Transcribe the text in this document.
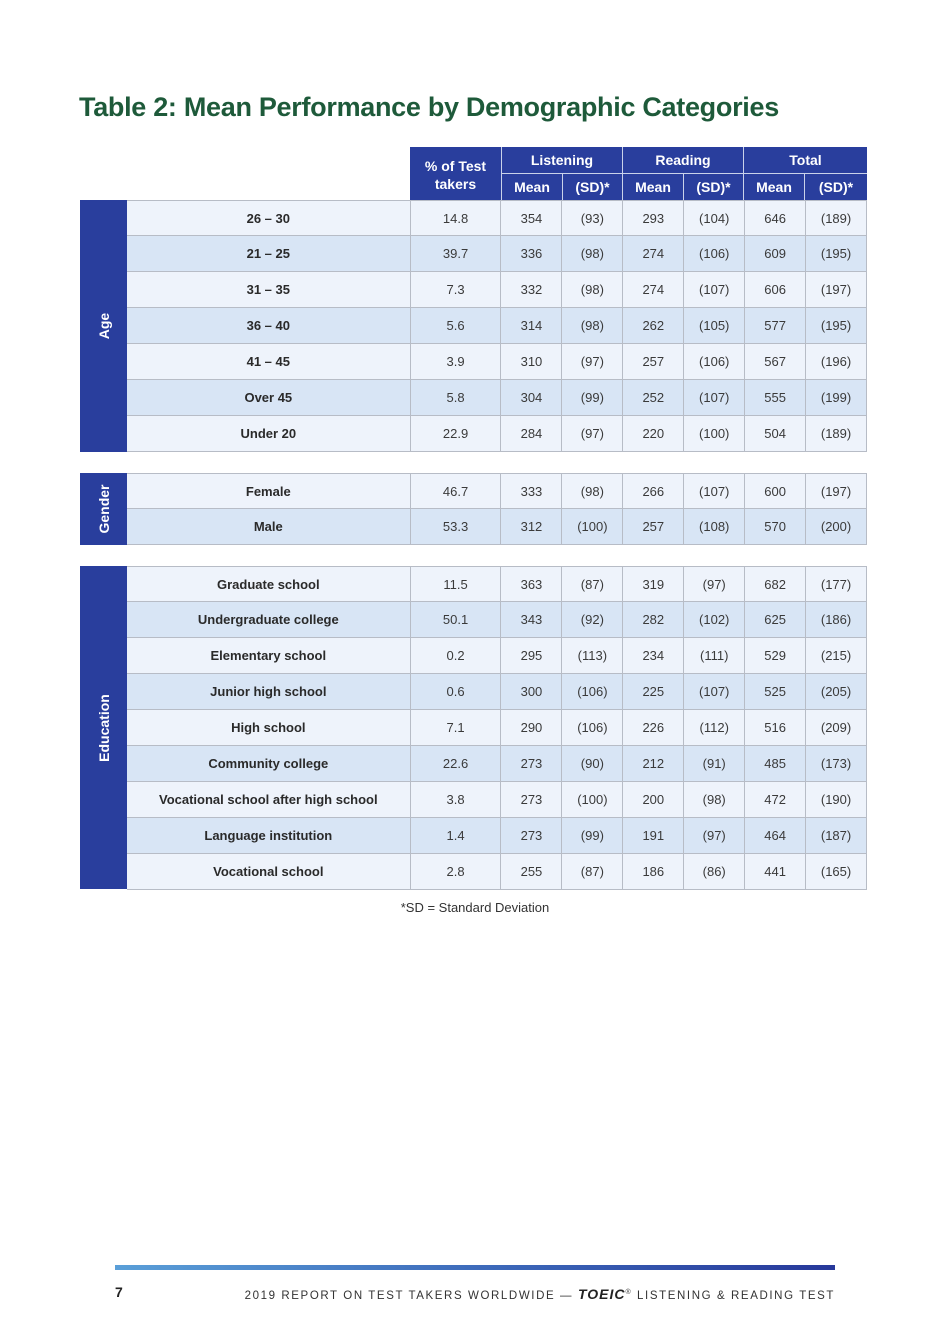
Table 2: Mean Performance by Demographic Categories
% of Test
takers
Listening	Reading	Total
Mean	(SD)*	Mean	(SD)*	Mean	(SD)*
Age
26 – 30	14.8	354	(93)	293	(104)	646	(189)
21 – 25	39.7	336	(98)	274	(106)	609	(195)
31 – 35	7.3	332	(98)	274	(107)	606	(197)
36 – 40	5.6	314	(98)	262	(105)	577	(195)
41 – 45	3.9	310	(97)	257	(106)	567	(196)
Over 45	5.8	304	(99)	252	(107)	555	(199)
Under 20	22.9	284	(97)	220	(100)	504	(189)
Gender	Female	46.7	333	(98)	266	(107)	600	(197)
Male	53.3	312	(100)	257	(108)	570	(200)
Education
Graduate school	11.5	363	(87)	319	(97)	682	(177)
Undergraduate college	50.1	343	(92)	282	(102)	625	(186)
Elementary school	0.2	295	(113)	234	(111)	529	(215)
Junior high school	0.6	300	(106)	225	(107)	525	(205)
High school	7.1	290	(106)	226	(112)	516	(209)
Community college	22.6	273	(90)	212	(91)	485	(173)
Vocational school after high school	3.8	273	(100)	200	(98)	472	(190)
Language institution	1.4	273	(99)	191	(97)	464	(187)
Vocational school	2.8	255	(87)	186	(86)	441	(165)
*SD = Standard Deviation
7	2019 REPORT ON TEST TAKERS WORLDWIDE — TOEIC® LISTENING & READING TEST
